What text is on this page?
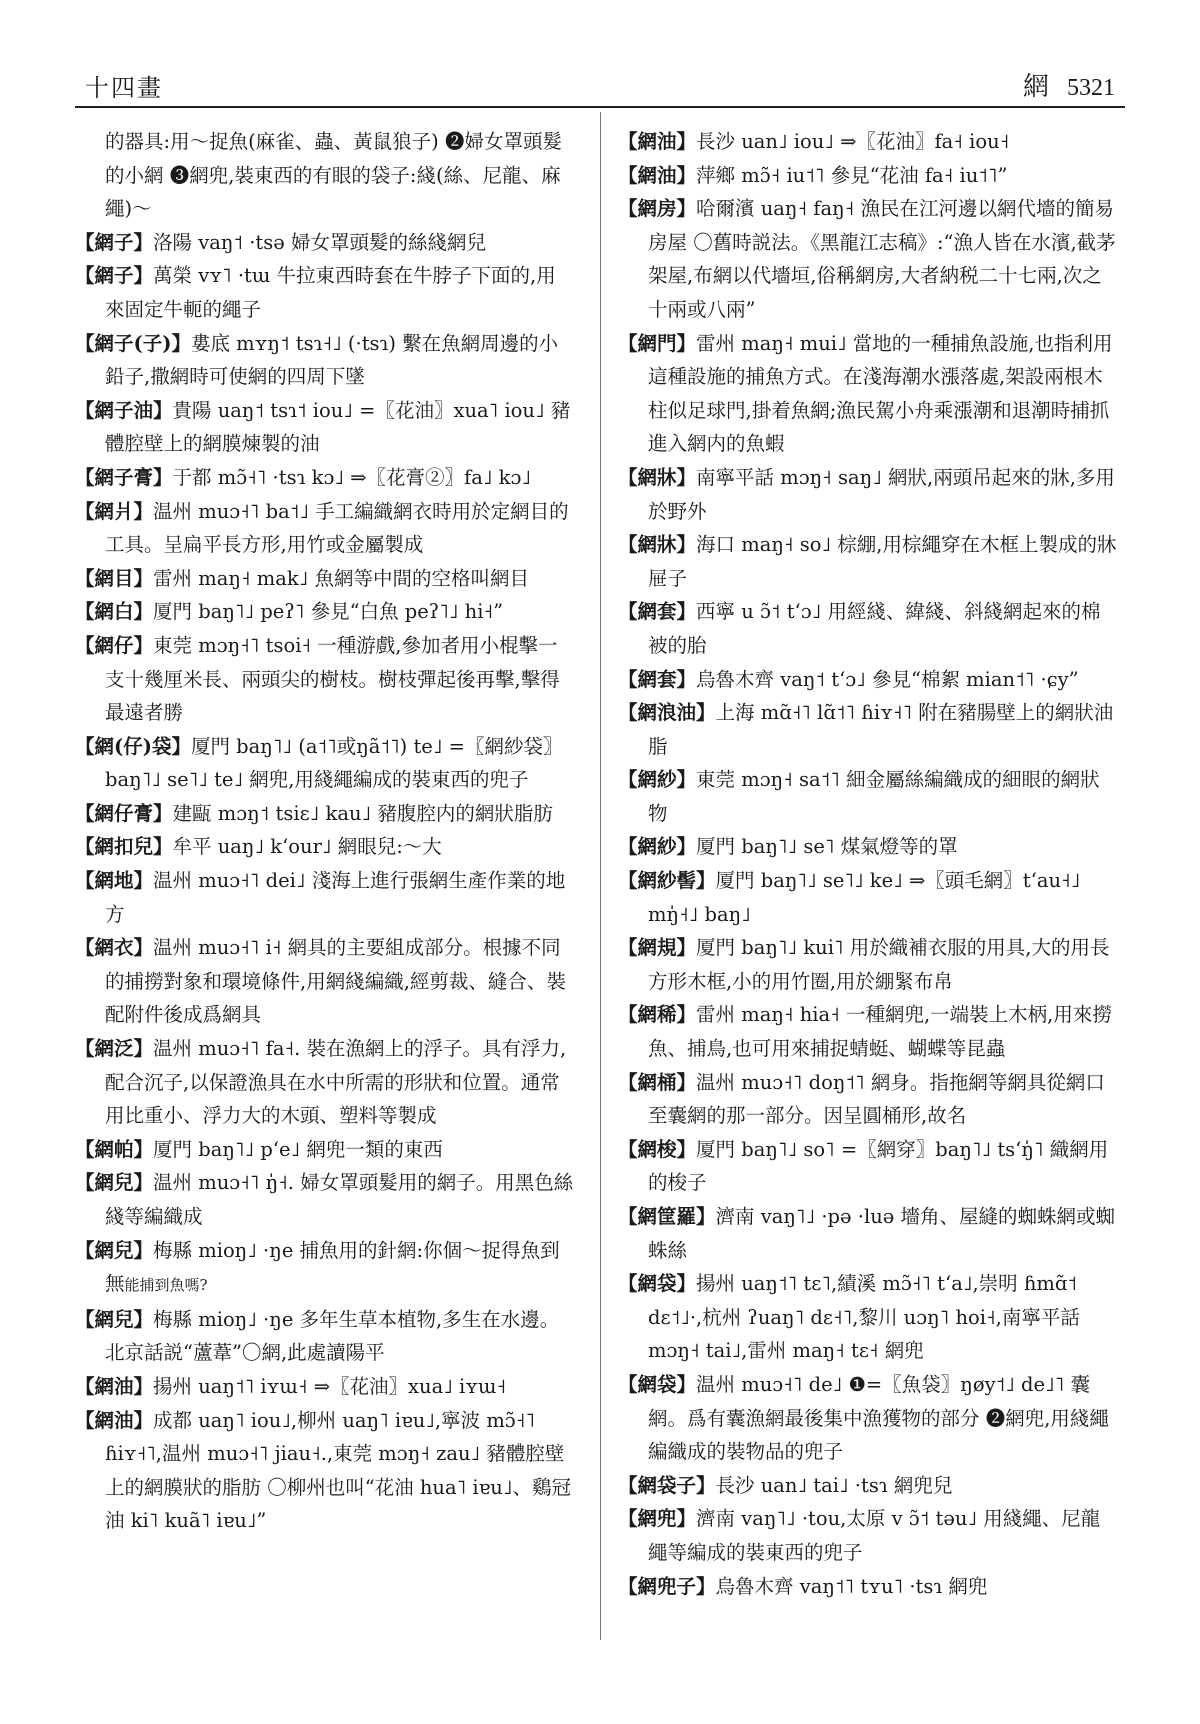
十四畫	網 5321

的器具:用～捉魚(麻雀、蟲、黃鼠狼子) ❷婦女罩頭髮的小網 ❸網兜,裝東西的有眼的袋子:綫(絲、尼龍、麻繩)～

【網子】洛陽 vaŋ˦ ·tsə 婦女罩頭髮的絲綫網兒

【網子】萬榮 vʏ˥ ·tɯ 牛拉東西時套在牛脖子下面的,用來固定牛軛的繩子

【網子(子)】婁底 mʏŋ˦ tsɿ˧˩ (·tsɿ) 繫在魚網周邊的小鉛子,撒網時可使網的四周下墜

【網子油】貴陽 uaŋ˦ tsɿ˦ iou˩ =〖花油〗xua˥ iou˩ 豬體腔壁上的網膜煉製的油

【網子膏】于都 mɔ̃˧˥ ·tsɿ kɔ˩ ⇒〖花膏②〗fa˩ kɔ˩

【網爿】温州 muɔ˧˥ ba˦˩ 手工編織網衣時用於定網目的工具。呈扁平長方形,用竹或金屬製成

【網目】雷州 maŋ˧ mak˩ 魚網等中間的空格叫網目

【網白】厦門 baŋ˥˩ peʔ˥ 參見“白魚 peʔ˥˩ hi˧”

【網仔】東莞 mɔŋ˧˥ tsoi˧ 一種游戲,參加者用小棍擊一支十幾厘米長、兩頭尖的樹枝。樹枝彈起後再擊,擊得最遠者勝

【網(仔)袋】厦門 baŋ˥˩ (a˦˥或ŋã˦˥) te˩ =〖網紗袋〗baŋ˥˩ se˥˩ te˩ 網兜,用綫繩編成的裝東西的兜子

【網仔膏】建甌 mɔŋ˦ tsiɛ˩ kau˩ 豬腹腔内的網狀脂肪

【網扣兒】牟平 uaŋ˩ kʻour˩ 網眼兒:～大

【網地】温州 muɔ˧˥ dei˩ 淺海上進行張網生產作業的地方

【網衣】温州 muɔ˧˥ i˧ 網具的主要組成部分。根據不同的捕撈對象和環境條件,用網綫編織,經剪裁、縫合、裝配附件後成爲網具

【網泛】温州 muɔ˧˥ fa˧. 裝在漁網上的浮子。具有浮力,配合沉子,以保證漁具在水中所需的形狀和位置。通常用比重小、浮力大的木頭、塑料等製成

【網帕】厦門 baŋ˥˩ pʻe˩ 網兜一類的東西

【網兒】温州 muɔ˧˥ ŋ̍˧. 婦女罩頭髮用的網子。用黑色絲綫等編織成

【網兒】梅縣 mioŋ˩ ·ŋe 捕魚用的針網:你個～捉得魚到無能捕到魚嗎?

【網兒】梅縣 mioŋ˩ ·ŋe 多年生草本植物,多生在水邊。北京話説“蘆葦”〇網,此處讀陽平

【網油】揚州 uaŋ˦˥ iʏɯ˧ ⇒〖花油〗xua˩ iʏɯ˧

【網油】成都 uaŋ˥ iou˩,柳州 uaŋ˥ iɐu˩,寧波 mɔ̃˧˥ ɦiʏ˧˥,温州 muɔ˧˥ jiau˧.,東莞 mɔŋ˧ zau˩ 豬體腔壁上的網膜狀的脂肪 〇柳州也叫“花油 hua˥ iɐu˩、鷄冠油 ki˥ kuã˥ iɐu˩”

【網油】長沙 uan˩ iou˩ ⇒〖花油〗fa˧ iou˧

【網油】萍鄉 mɔ̃˧ iu˦˥ 參見“花油 fa˧ iu˦˥”

【網房】哈爾濱 uaŋ˧ faŋ˧ 漁民在江河邊以網代墻的簡易房屋 〇舊時説法。《黑龍江志稿》:“漁人皆在水濱,截茅架屋,布網以代墻垣,俗稱網房,大者納税二十七兩,次之十兩或八兩”

【網門】雷州 maŋ˧ mui˩ 當地的一種捕魚設施,也指利用這種設施的捕魚方式。在淺海潮水漲落處,架設兩根木柱似足球門,掛着魚網;漁民駕小舟乘漲潮和退潮時捕抓進入網内的魚蝦

【網牀】南寧平話 mɔŋ˧ saŋ˩ 網狀,兩頭吊起來的牀,多用於野外

【網牀】海口 maŋ˧ so˩ 棕綳,用棕繩穿在木框上製成的牀屉子

【網套】西寧 u ɔ̃˦ tʻɔ˩ 用經綫、緯綫、斜綫網起來的棉被的胎

【網套】烏魯木齊 vaŋ˦ tʻɔ˩ 參見“棉絮 mian˦˥ ·ɕy”

【網浪油】上海 mɑ̃˧˥ lɑ̃˦˥ ɦiʏ˧˥ 附在豬腸壁上的網狀油脂

【網紗】東莞 mɔŋ˧ sa˦˥ 細金屬絲編織成的細眼的網狀物

【網紗】厦門 baŋ˥˩ se˥ 煤氣燈等的罩

【網紗髻】厦門 baŋ˥˩ se˥˩ ke˩ ⇒〖頭毛網〗tʻau˧˩ mŋ̍˧˩ baŋ˩

【網規】厦門 baŋ˥˩ kui˥ 用於織補衣服的用具,大的用長方形木框,小的用竹圈,用於綳緊布帛

【網稀】雷州 maŋ˧ hia˧ 一種網兜,一端裝上木柄,用來撈魚、捕鳥,也可用來捕捉蜻蜓、蝴蝶等昆蟲

【網桶】温州 muɔ˧˥ doŋ˦˥ 網身。指拖網等網具從網口至囊網的那一部分。因呈圓桶形,故名

【網梭】厦門 baŋ˥˩ so˥ =〖網穿〗baŋ˥˩ tsʻŋ̍˥ 織網用的梭子

【網筐羅】濟南 vaŋ˥˩ ·pə ·luə 墻角、屋縫的蜘蛛網或蜘蛛絲

【網袋】揚州 uaŋ˦˥ tɛ˥,績溪 mɔ̃˧˥ tʻa˩,崇明 ɦmɑ̃˦ dɛ˦˩·,杭州 ʔuaŋ˥ dɛ˧˥,黎川 uɔŋ˥ hoi˧,南寧平話 mɔŋ˧ tai˩,雷州 maŋ˧ tɛ˧ 網兜

【網袋】温州 muɔ˧˥ de˩ ❶=〖魚袋〗ŋøy˦˩ de˩˥ 囊網。爲有囊漁網最後集中漁獲物的部分 ❷網兜,用綫繩編織成的裝物品的兜子

【網袋子】長沙 uan˩ tai˩ ·tsɿ 網兜兒

【網兜】濟南 vaŋ˥˩ ·tou,太原 v ɔ̃˦ təu˩ 用綫繩、尼龍繩等編成的裝東西的兜子

【網兜子】烏魯木齊 vaŋ˦˥ tʏu˥ ·tsɿ 網兜
